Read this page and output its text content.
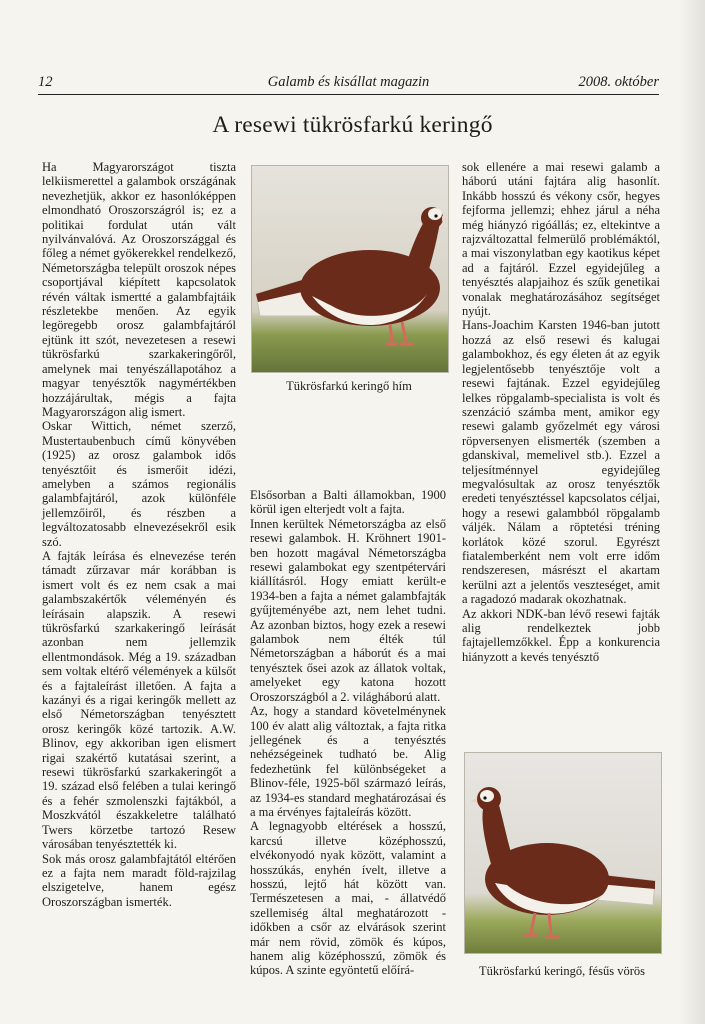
12	Galamb és kisállat magazin	2008. október
A resewi tükrösfarkú keringő

Ha Magyarországot tiszta lelkiismerettel a galambok országának nevezhetjük, akkor ez hasonlóképpen elmondható Oroszországról is; ez a politikai fordulat után vált nyilvánvalóvá. Az Oroszországgal és főleg a német gyökerekkel rendelkező, Németországba települt oroszok népes csoportjával kiépített kapcsolatok révén váltak ismertté a galambfajtáik részletekbe menően. Az egyik legöregebb orosz galambfajtáról ejtünk itt szót, nevezetesen a resewi tükrösfarkú szarkakeringőről, amelynek mai tenyészállapotához a magyar tenyésztők nagymértékben hozzájárultak, mégis a fajta Magyarországon alig ismert.

Oskar Wittich, német szerző, Mustertaubenbuch című könyvében (1925) az orosz galambok idős tenyésztőit és ismerőit idézi, amelyben a számos regionális galambfajtáról, azok különféle jellemzőiről, és részben a legváltozatosabb elnevezésekről esik szó.

A fajták leírása és elnevezése terén támadt zűrzavar már korábban is ismert volt és ez nem csak a mai galambszakértők véleményén és leírásain alapszik. A resewi tükrösfarkú szarkakeringő leírását azonban nem jellemzik ellentmondások. Még a 19. században sem voltak eltérő vélemények a külsőt és a fajtaleírást illetően. A fajta a kazányi és a rigai keringők mellett az első Németországban tenyésztett orosz keringők közé tartozik. A.W. Blinov, egy akkoriban igen elismert rigai szakértő kutatásai szerint, a resewi tükrösfarkú szarkakeringőt a 19. század első felében a tulai keringő és a fehér szmolenszki fajtákból, a Moszkvától északkeletre található Twers körzetbe tartozó Resew városában tenyésztették ki.

Sok más orosz galambfajtától eltérően ez a fajta nem maradt föld-rajzilag elszigetelve, hanem egész Oroszországban ismerték.

Tükrösfarkú keringő hím

Elsősorban a Balti államokban, 1900 körül igen elterjedt volt a fajta.

Innen kerültek Németországba az első resewi galambok. H. Kröhnert 1901-ben hozott magával Németországba resewi galambokat egy szentpétervári kiállításról. Hogy emiatt került-e 1934-ben a fajta a német galambfajták gyűjteményébe azt, nem lehet tudni. Az azonban biztos, hogy ezek a resewi galambok nem élték túl Németországban a háborút és a mai tenyésztek ősei azok az állatok voltak, amelyeket egy katona hozott Oroszországból a 2. világháború alatt.

Az, hogy a standard követelménynek 100 év alatt alig változtak, a fajta ritka jellegének és a tenyésztés nehézségeinek tudható be. Alig fedezhetünk fel különbségeket a Blinov-féle, 1925-ből származó leírás, az 1934-es standard meghatározásai és a ma érvényes fajtaleírás között.

A legnagyobb eltérések a hosszú, karcsú illetve középhosszú, elvékonyodó nyak között, valamint a hosszúkás, enyhén ívelt, illetve a hosszú, lejtő hát között van. Természetesen a mai, - állatvédő szellemiség által meghatározott - időkben a csőr az elvárások szerint már nem rövid, zömök és kúpos, hanem alig középhosszú, zömök és kúpos. A szinte egyöntetű előírá-

sok ellenére a mai resewi galamb a háború utáni fajtára alig hasonlít. Inkább hosszú és vékony csőr, hegyes fejforma jellemzi; ehhez járul a néha még hiányzó rigóállás; ez, eltekintve a rajzváltozattal felmerülő problémáktól, a mai viszonylatban egy kaotikus képet ad a fajtáról. Ezzel egyidejűleg a tenyésztés alapjaihoz és szűk genetikai vonalak meghatározásához segítséget nyújt.

Hans-Joachim Karsten 1946-ban jutott hozzá az első resewi és kalugai galambokhoz, és egy életen át az egyik legjelentősebb tenyésztője volt a resewi fajtának. Ezzel egyidejűleg lelkes röpgalamb-specialista is volt és szenzáció számba ment, amikor egy resewi galamb győzelmét egy városi röpversenyen elismerték (szemben a gdanskival, memelivel stb.). Ezzel a teljesítménnyel egyidejűleg megvalósultak az orosz tenyésztők eredeti tenyésztéssel kapcsolatos céljai, hogy a resewi galambból röpgalamb váljék. Nálam a röptetési tréning korlátok közé szorul. Egyrészt fiatalemberként nem volt erre időm rendszeresen, másrészt el akartam kerülni azt a jelentős veszteséget, amit a ragadozó madarak okozhatnak.

Az akkori NDK-ban lévő resewi fajták alig rendelkeztek jobb fajtajellemzőkkel. Épp a konkurencia hiányzott a kevés tenyésztő

Tükrösfarkú keringő, fésűs vörös
